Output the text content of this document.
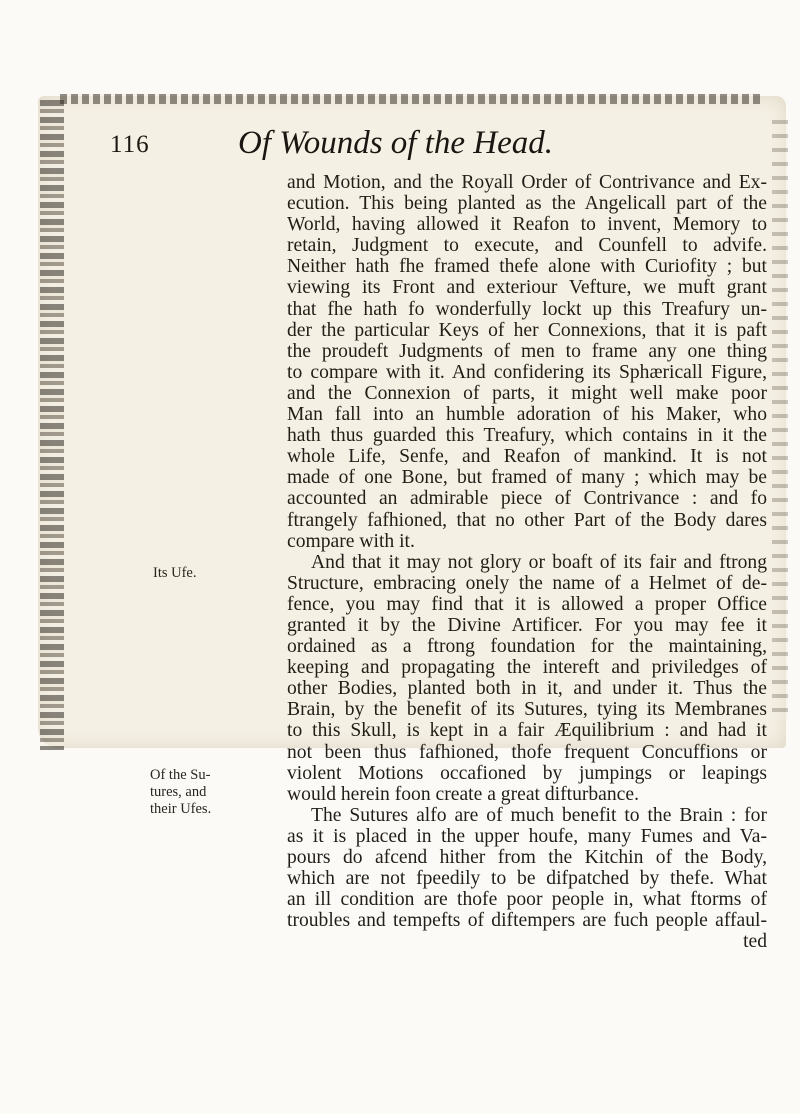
116	Of Wounds of the Head.
Its Ufe.
Of the Su-
tures, and
their Ufes.
and Motion, and the Royall Order of Contrivance and Ex-
ecution. This being planted as the Angelicall part of the
World, having allowed it Reafon to invent, Memory to
retain, Judgment to execute, and Counfell to advife.
Neither hath fhe framed thefe alone with Curiofity ; but
viewing its Front and exteriour Vefture, we muft grant
that fhe hath fo wonderfully lockt up this Treafury un-
der the particular Keys of her Connexions, that it is paft
the proudeft Judgments of men to frame any one thing
to compare with it. And confidering its Sphæricall Figure,
and the Connexion of parts, it might well make poor
Man fall into an humble adoration of his Maker, who
hath thus guarded this Treafury, which contains in it the
whole Life, Senfe, and Reafon of mankind. It is not
made of one Bone, but framed of many ; which may be
accounted an admirable piece of Contrivance : and fo
ftrangely fafhioned, that no other Part of the Body dares
compare with it.
And that it may not glory or boaft of its fair and ftrong
Structure, embracing onely the name of a Helmet of de-
fence, you may find that it is allowed a proper Office
granted it by the Divine Artificer. For you may fee it
ordained as a ftrong foundation for the maintaining,
keeping and propagating the intereft and priviledges of
other Bodies, planted both in it, and under it. Thus the
Brain, by the benefit of its Sutures, tying its Membranes
to this Skull, is kept in a fair Æquilibrium : and had it
not been thus fafhioned, thofe frequent Concuffions or
violent Motions occafioned by jumpings or leapings
would herein foon create a great difturbance.
The Sutures alfo are of much benefit to the Brain : for
as it is placed in the upper houfe, many Fumes and Va-
pours do afcend hither from the Kitchin of the Body,
which are not fpeedily to be difpatched by thefe. What
an ill condition are thofe poor people in, what ftorms of
troubles and tempefts of diftempers are fuch people affaul-
ted
